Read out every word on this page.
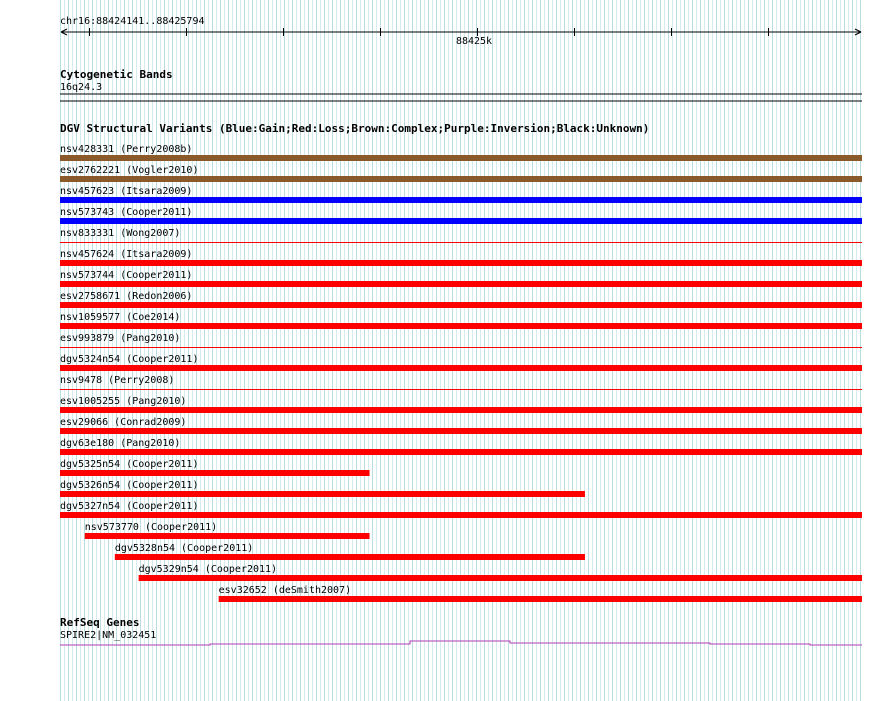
chr16:88424141..88425794
88425k
Cytogenetic Bands
16q24.3
DGV Structural Variants (Blue:Gain;Red:Loss;Brown:Complex;Purple:Inversion;Black:Unknown)
nsv428331 (Perry2008b)
esv2762221 (Vogler2010)
nsv457623 (Itsara2009)
nsv573743 (Cooper2011)
nsv833331 (Wong2007)
nsv457624 (Itsara2009)
nsv573744 (Cooper2011)
esv2758671 (Redon2006)
nsv1059577 (Coe2014)
esv993879 (Pang2010)
dgv5324n54 (Cooper2011)
nsv9478 (Perry2008)
esv1005255 (Pang2010)
esv29066 (Conrad2009)
dgv63e180 (Pang2010)
dgv5325n54 (Cooper2011)
dgv5326n54 (Cooper2011)
dgv5327n54 (Cooper2011)
nsv573770 (Cooper2011)
dgv5328n54 (Cooper2011)
dgv5329n54 (Cooper2011)
esv32652 (deSmith2007)
RefSeq Genes
SPIRE2|NM_032451
